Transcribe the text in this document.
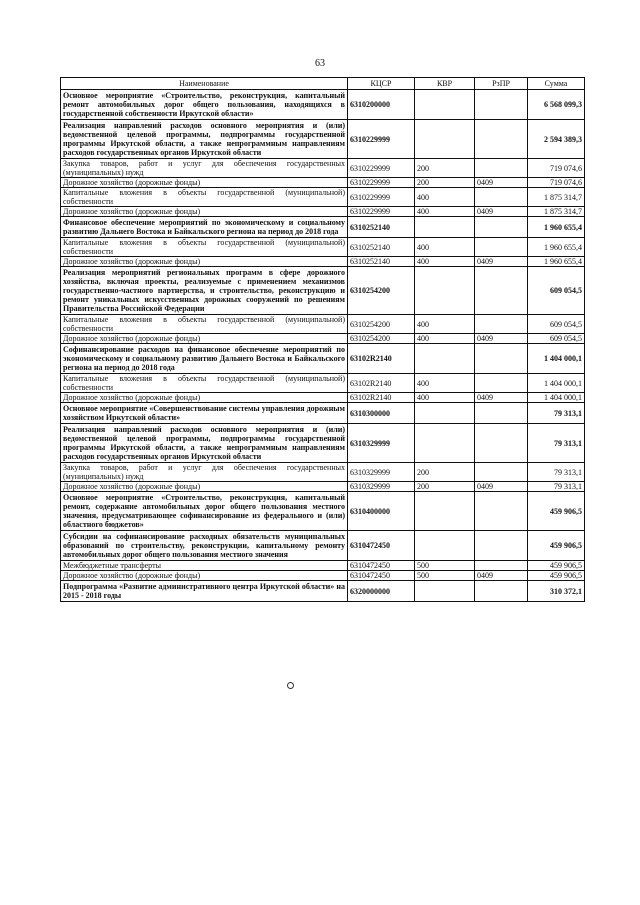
63
Наименование	КЦСР	КВР	РзПР	Сумма
Основное мероприятие «Строительство, реконструкция, капитальный ремонт автомобильных дорог общего пользования, находящихся в государственной собственности Иркутской области»	6310200000			6 568 099,3
Реализация направлений расходов основного мероприятия и (или) ведомственной целевой программы, подпрограммы государственной программы Иркутской области, а также непрограммным направлениям расходов государственных органов Иркутской области	6310229999			2 594 389,3
Закупка товаров, работ и услуг для обеспечения государственных (муниципальных) нужд	6310229999	200		719 074,6
Дорожное хозяйство (дорожные фонды)	6310229999	200	0409	719 074,6
Капитальные вложения в объекты государственной (муниципальной) собственности	6310229999	400		1 875 314,7
Дорожное хозяйство (дорожные фонды)	6310229999	400	0409	1 875 314,7
Финансовое обеспечение мероприятий по экономическому и социальному развитию Дальнего Востока и Байкальского региона на период до 2018 года	6310252140			1 960 655,4
Капитальные вложения в объекты государственной (муниципальной) собственности	6310252140	400		1 960 655,4
Дорожное хозяйство (дорожные фонды)	6310252140	400	0409	1 960 655,4
Реализация мероприятий региональных программ в сфере дорожного хозяйства, включая проекты, реализуемые с применением механизмов государственно-частного партнерства, и строительство, реконструкцию и ремонт уникальных искусственных дорожных сооружений по решениям Правительства Российской Федерации	6310254200			609 054,5
Капитальные вложения в объекты государственной (муниципальной) собственности	6310254200	400		609 054,5
Дорожное хозяйство (дорожные фонды)	6310254200	400	0409	609 054,5
Софинансирование расходов на финансовое обеспечение мероприятий по экономическому и социальному развитию Дальнего Востока и Байкальского региона на период до 2018 года	63102R2140			1 404 000,1
Капитальные вложения в объекты государственной (муниципальной) собственности	63102R2140	400		1 404 000,1
Дорожное хозяйство (дорожные фонды)	63102R2140	400	0409	1 404 000,1
Основное мероприятие «Совершенствование системы управления дорожным хозяйством Иркутской области»	6310300000			79 313,1
Реализация направлений расходов основного мероприятия и (или) ведомственной целевой программы, подпрограммы государственной программы Иркутской области, а также непрограммным направлениям расходов государственных органов Иркутской области	6310329999			79 313,1
Закупка товаров, работ и услуг для обеспечения государственных (муниципальных) нужд	6310329999	200		79 313,1
Дорожное хозяйство (дорожные фонды)	6310329999	200	0409	79 313,1
Основное мероприятие «Строительство, реконструкция, капитальный ремонт, содержание автомобильных дорог общего пользования местного значения, предусматривающее софинансирование из федерального и (или) областного бюджетов»	6310400000			459 906,5
Субсидии на софинансирование расходных обязательств муниципальных образований по строительству, реконструкции, капитальному ремонту автомобильных дорог общего пользования местного значения	6310472450			459 906,5
Межбюджетные трансферты	6310472450	500		459 906,5
Дорожное хозяйство (дорожные фонды)	6310472450	500	0409	459 906,5
Подпрограмма «Развитие административного центра Иркутской области» на 2015 - 2018 годы	6320000000			310 372,1
